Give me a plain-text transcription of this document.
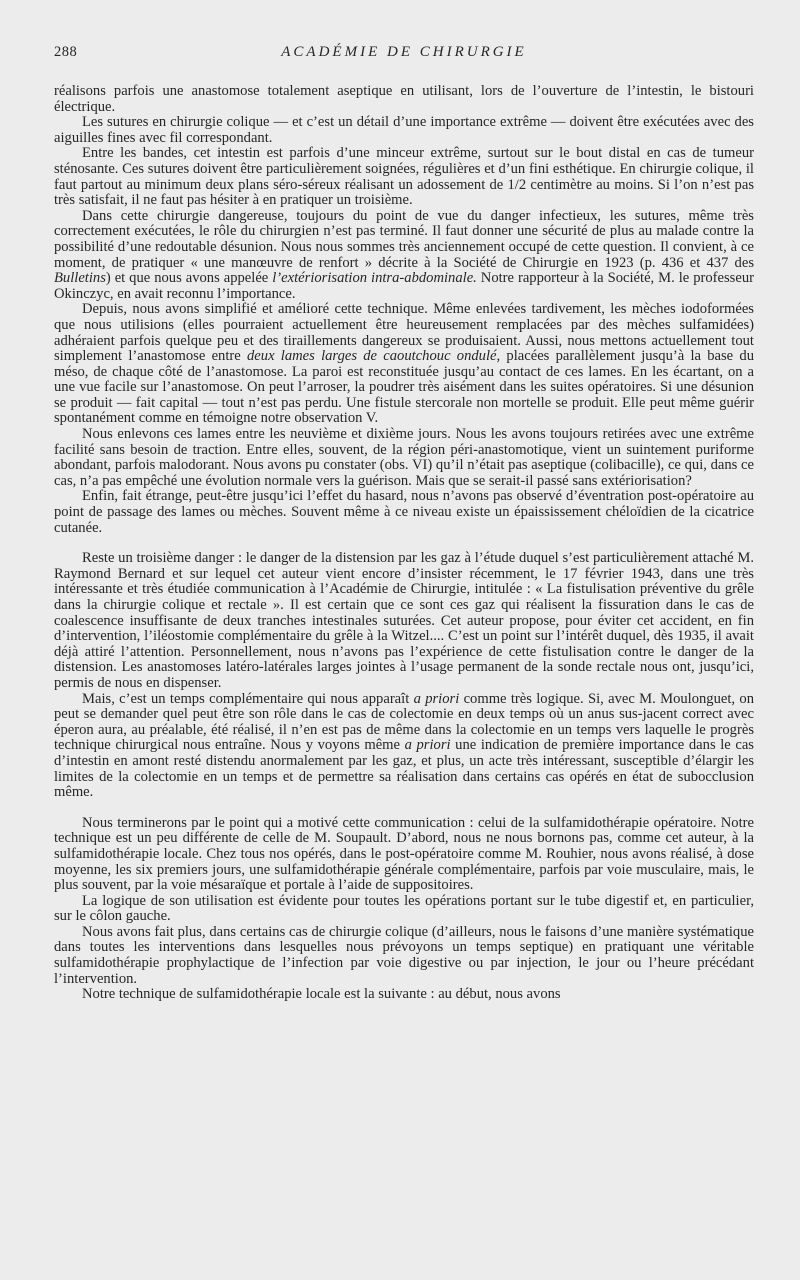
288	ACADÉMIE DE CHIRURGIE

réalisons parfois une anastomose totalement aseptique en utilisant, lors de l’ouverture de l’intestin, le bistouri électrique.

Les sutures en chirurgie colique — et c’est un détail d’une importance extrême — doivent être exécutées avec des aiguilles fines avec fil correspondant.

Entre les bandes, cet intestin est parfois d’une minceur extrême, surtout sur le bout distal en cas de tumeur sténosante. Ces sutures doivent être particulièrement soignées, régulières et d’un fini esthétique. En chirurgie colique, il faut partout au minimum deux plans séro-séreux réalisant un adossement de 1/2 centimètre au moins. Si l’on n’est pas très satisfait, il ne faut pas hésiter à en pratiquer un troisième.

Dans cette chirurgie dangereuse, toujours du point de vue du danger infectieux, les sutures, même très correctement exécutées, le rôle du chirurgien n’est pas terminé. Il faut donner une sécurité de plus au malade contre la possibilité d’une redoutable désunion. Nous nous sommes très anciennement occupé de cette question. Il convient, à ce moment, de pratiquer « une manœuvre de renfort » décrite à la Société de Chirurgie en 1923 (p. 436 et 437 des Bulletins) et que nous avons appelée l’extériorisation intra-abdominale. Notre rapporteur à la Société, M. le professeur Okinczyc, en avait reconnu l’importance.

Depuis, nous avons simplifié et amélioré cette technique. Même enlevées tardivement, les mèches iodoformées que nous utilisions (elles pourraient actuellement être heureusement remplacées par des mèches sulfamidées) adhéraient parfois quelque peu et des tiraillements dangereux se produisaient. Aussi, nous mettons actuellement tout simplement l’anastomose entre deux lames larges de caoutchouc ondulé, placées parallèlement jusqu’à la base du méso, de chaque côté de l’anastomose. La paroi est reconstituée jusqu’au contact de ces lames. En les écartant, on a une vue facile sur l’anastomose. On peut l’arroser, la poudrer très aisément dans les suites opératoires. Si une désunion se produit — fait capital — tout n’est pas perdu. Une fistule stercorale non mortelle se produit. Elle peut même guérir spontanément comme en témoigne notre observation V.

Nous enlevons ces lames entre les neuvième et dixième jours. Nous les avons toujours retirées avec une extrême facilité sans besoin de traction. Entre elles, souvent, de la région péri-anastomotique, vient un suintement puriforme abondant, parfois malodorant. Nous avons pu constater (obs. VI) qu’il n’était pas aseptique (colibacille), ce qui, dans ce cas, n’a pas empêché une évolution normale vers la guérison. Mais que se serait-il passé sans extériorisation?

Enfin, fait étrange, peut-être jusqu’ici l’effet du hasard, nous n’avons pas observé d’éventration post-opératoire au point de passage des lames ou mèches. Souvent même à ce niveau existe un épaississement chéloïdien de la cicatrice cutanée.

Reste un troisième danger : le danger de la distension par les gaz à l’étude duquel s’est particulièrement attaché M. Raymond Bernard et sur lequel cet auteur vient encore d’insister récemment, le 17 février 1943, dans une très intéressante et très étudiée communication à l’Académie de Chirurgie, intitulée : « La fistulisation préventive du grêle dans la chirurgie colique et rectale ». Il est certain que ce sont ces gaz qui réalisent la fissuration dans le cas de coalescence insuffisante de deux tranches intestinales suturées. Cet auteur propose, pour éviter cet accident, en fin d’intervention, l’iléostomie complémentaire du grêle à la Witzel.... C’est un point sur l’intérêt duquel, dès 1935, il avait déjà attiré l’attention. Personnellement, nous n’avons pas l’expérience de cette fistulisation contre le danger de la distension. Les anastomoses latéro-latérales larges jointes à l’usage permanent de la sonde rectale nous ont, jusqu’ici, permis de nous en dispenser.

Mais, c’est un temps complémentaire qui nous apparaît a priori comme très logique. Si, avec M. Moulonguet, on peut se demander quel peut être son rôle dans le cas de colectomie en deux temps où un anus sus-jacent correct avec éperon aura, au préalable, été réalisé, il n’en est pas de même dans la colectomie en un temps vers laquelle le progrès technique chirurgical nous entraîne. Nous y voyons même a priori une indication de première importance dans le cas d’intestin en amont resté distendu anormalement par les gaz, et plus, un acte très intéressant, susceptible d’élargir les limites de la colectomie en un temps et de permettre sa réalisation dans certains cas opérés en état de subocclusion même.

Nous terminerons par le point qui a motivé cette communication : celui de la sulfamidothérapie opératoire. Notre technique est un peu différente de celle de M. Soupault. D’abord, nous ne nous bornons pas, comme cet auteur, à la sulfamidothérapie locale. Chez tous nos opérés, dans le post-opératoire comme M. Rouhier, nous avons réalisé, à dose moyenne, les six premiers jours, une sulfamidothérapie générale complémentaire, parfois par voie musculaire, mais, le plus souvent, par la voie mésaraïque et portale à l’aide de suppositoires.

La logique de son utilisation est évidente pour toutes les opérations portant sur le tube digestif et, en particulier, sur le côlon gauche.

Nous avons fait plus, dans certains cas de chirurgie colique (d’ailleurs, nous le faisons d’une manière systématique dans toutes les interventions dans lesquelles nous prévoyons un temps septique) en pratiquant une véritable sulfamidothérapie prophylactique de l’infection par voie digestive ou par injection, le jour ou l’heure précédant l’intervention.

Notre technique de sulfamidothérapie locale est la suivante : au début, nous avons
